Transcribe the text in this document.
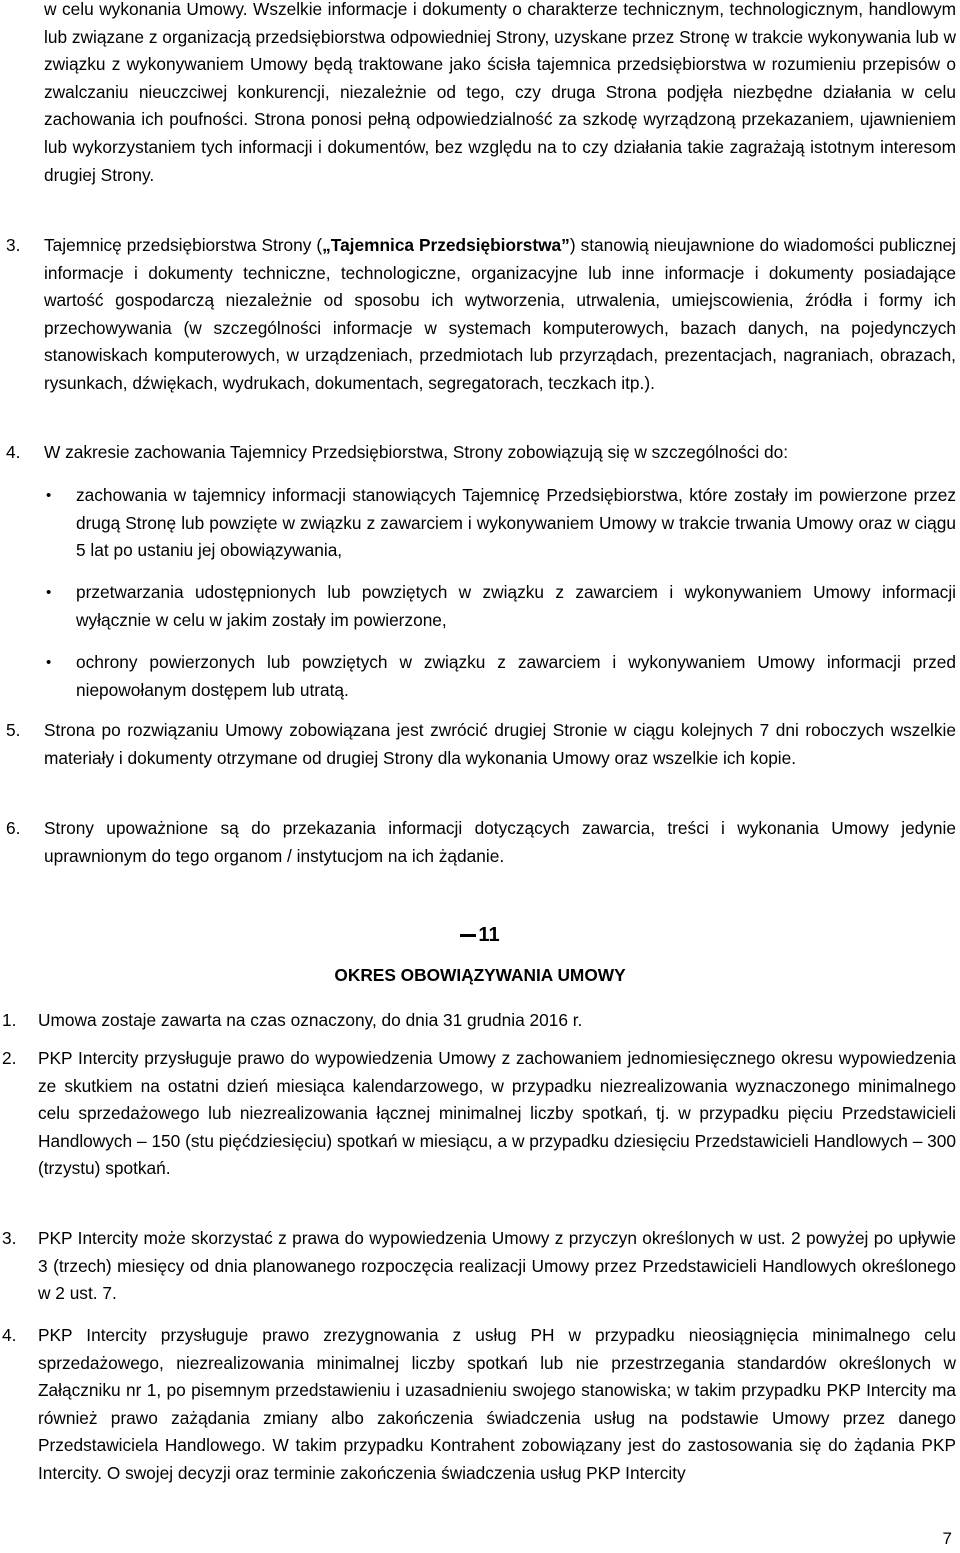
w celu wykonania Umowy. Wszelkie informacje i dokumenty o charakterze technicznym, technologicznym, handlowym lub związane z organizacją przedsiębiorstwa odpowiedniej Strony, uzyskane przez Stronę w trakcie wykonywania lub w związku z wykonywaniem Umowy będą traktowane jako ścisła tajemnica przedsiębiorstwa w rozumieniu przepisów o zwalczaniu nieuczciwej konkurencji, niezależnie od tego, czy druga Strona podjęła niezbędne działania w celu zachowania ich poufności. Strona ponosi pełną odpowiedzialność za szkodę wyrządzoną przekazaniem, ujawnieniem lub wykorzystaniem tych informacji i dokumentów, bez względu na to czy działania takie zagrażają istotnym interesom drugiej Strony.

3.	Tajemnicę przedsiębiorstwa Strony („Tajemnica Przedsiębiorstwa”) stanowią nieujawnione do wiadomości publicznej informacje i dokumenty techniczne, technologiczne, organizacyjne lub inne informacje i dokumenty posiadające wartość gospodarczą niezależnie od sposobu ich wytworzenia, utrwalenia, umiejscowienia, źródła i formy ich przechowywania (w szczególności informacje w systemach komputerowych, bazach danych, na pojedynczych stanowiskach komputerowych, w urządzeniach, przedmiotach lub przyrządach, prezentacjach, nagraniach, obrazach, rysunkach, dźwiękach, wydrukach, dokumentach, segregatorach, teczkach itp.).

4.	W zakresie zachowania Tajemnicy Przedsiębiorstwa, Strony zobowiązują się w szczególności do:

•	zachowania w tajemnicy informacji stanowiących Tajemnicę Przedsiębiorstwa, które zostały im powierzone przez drugą Stronę lub powzięte w związku z zawarciem i wykonywaniem Umowy w trakcie trwania Umowy oraz w ciągu 5 lat po ustaniu jej obowiązywania,

•	przetwarzania udostępnionych lub powziętych w związku z zawarciem i wykonywaniem Umowy informacji wyłącznie w celu w jakim zostały im powierzone,

•	ochrony powierzonych lub powziętych w związku z zawarciem i wykonywaniem Umowy informacji przed niepowołanym dostępem lub utratą.

5.	Strona po rozwiązaniu Umowy zobowiązana jest zwrócić drugiej Stronie w ciągu kolejnych 7 dni roboczych wszelkie materiały i dokumenty otrzymane od drugiej Strony dla wykonania Umowy oraz wszelkie ich kopie.

6.	Strony upoważnione są do przekazania informacji dotyczących zawarcia, treści i wykonania Umowy jedynie uprawnionym do tego organom / instytucjom na ich żądanie.

11
OKRES OBOWIĄZYWANIA UMOWY
1.	Umowa zostaje zawarta na czas oznaczony, do dnia 31 grudnia 2016 r.

2.	PKP Intercity przysługuje prawo do wypowiedzenia Umowy z zachowaniem jednomiesięcznego okresu wypowiedzenia ze skutkiem na ostatni dzień miesiąca kalendarzowego, w przypadku niezrealizowania wyznaczonego minimalnego celu sprzedażowego lub niezrealizowania łącznej minimalnej liczby spotkań, tj. w przypadku pięciu Przedstawicieli Handlowych – 150 (stu pięćdziesięciu) spotkań w miesiącu, a w przypadku dziesięciu Przedstawicieli Handlowych – 300 (trzystu) spotkań.

3.	PKP Intercity może skorzystać z prawa do wypowiedzenia Umowy z przyczyn określonych w ust. 2 powyżej po upływie 3 (trzech) miesięcy od dnia planowanego rozpoczęcia realizacji Umowy przez Przedstawicieli Handlowych określonego w 2 ust. 7.

4.	PKP Intercity przysługuje prawo zrezygnowania z usług PH w przypadku nieosiągnięcia minimalnego celu sprzedażowego, niezrealizowania minimalnej liczby spotkań lub nie przestrzegania standardów określonych w Załączniku nr 1, po pisemnym przedstawieniu i uzasadnieniu swojego stanowiska; w takim przypadku PKP Intercity ma również prawo zażądania zmiany albo zakończenia świadczenia usług na podstawie Umowy przez danego Przedstawiciela Handlowego. W takim przypadku Kontrahent zobowiązany jest do zastosowania się do żądania PKP Intercity. O swojej decyzji oraz terminie zakończenia świadczenia usług PKP Intercity

7
